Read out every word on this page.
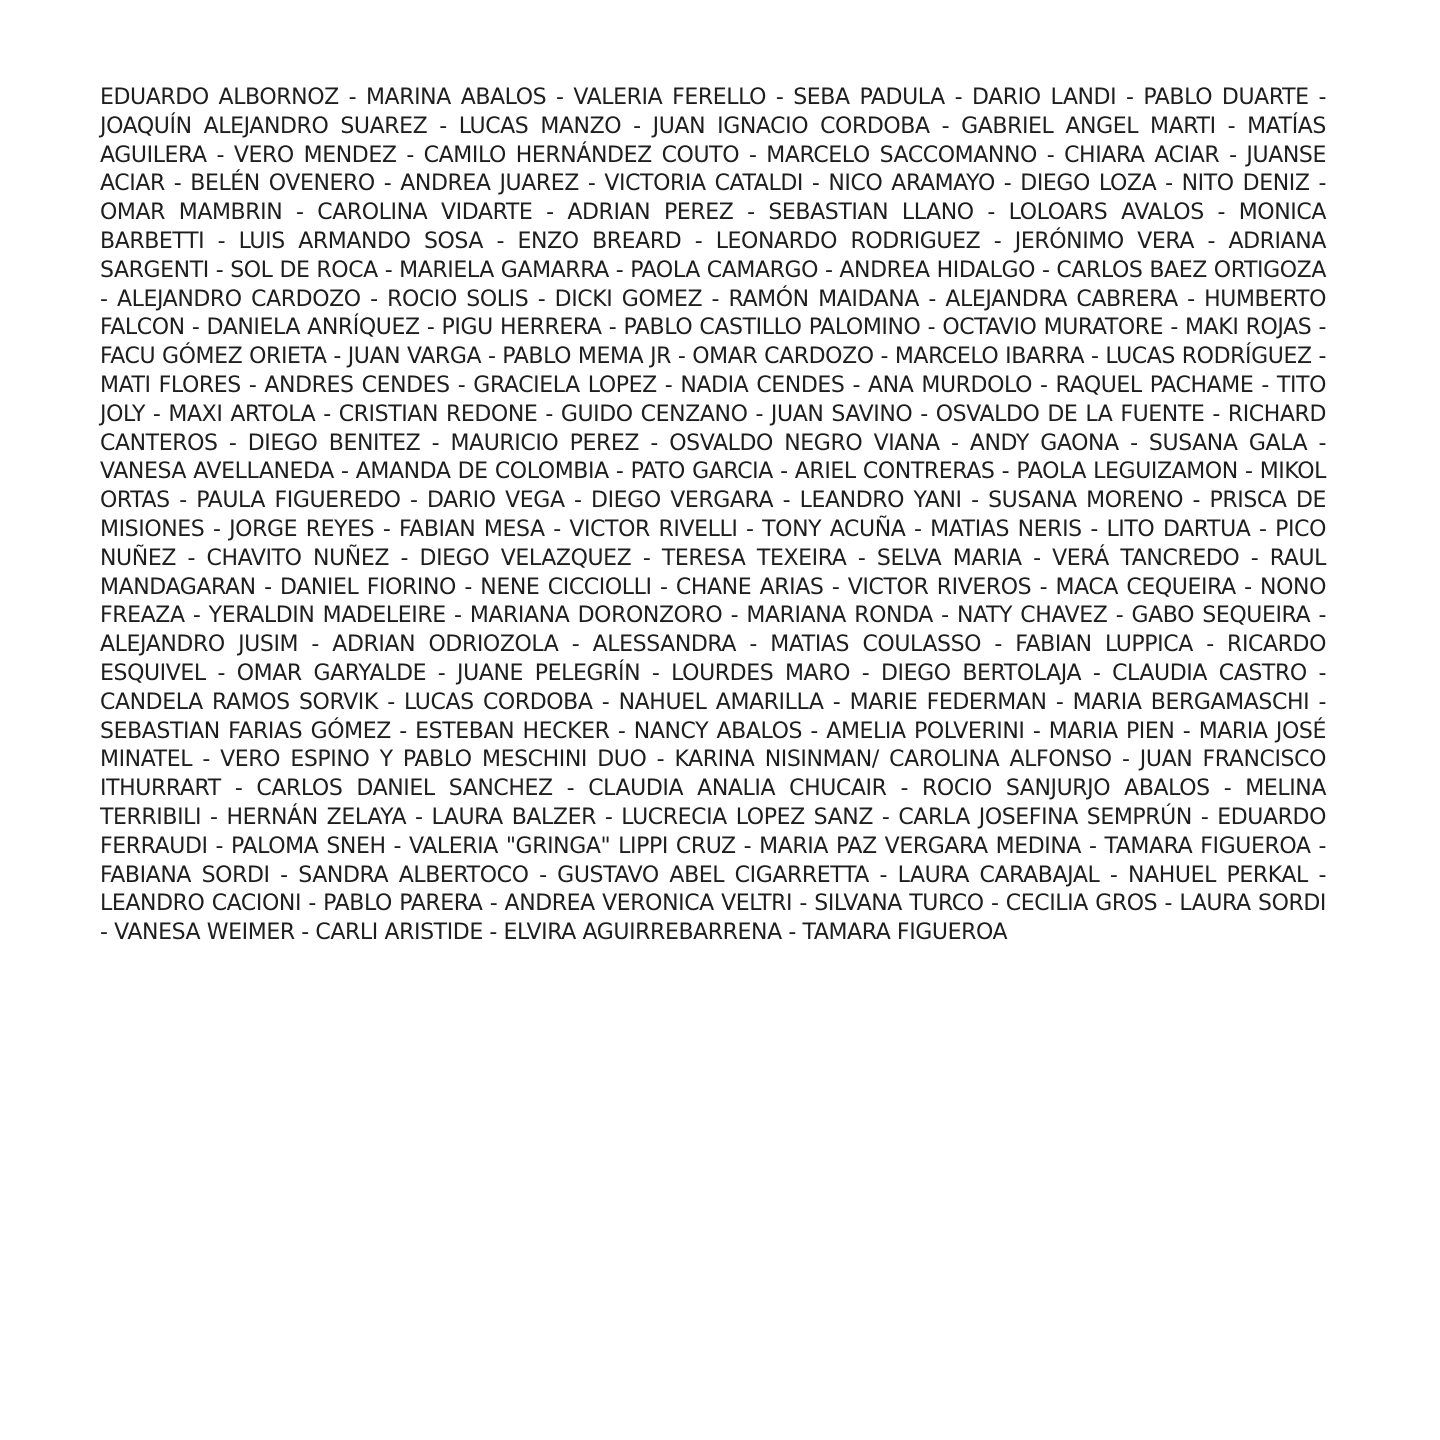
EDUARDO ALBORNOZ - MARINA ABALOS - VALERIA FERELLO - SEBA PADULA - DARIO LANDI - PABLO DUARTE - JOAQUÍN ALEJANDRO SUAREZ - LUCAS MANZO - JUAN IGNACIO CORDOBA - GABRIEL ANGEL MARTI - MATÍAS AGUILERA - VERO MENDEZ - CAMILO HERNÁNDEZ COUTO - MARCELO SACCOMANNO - CHIARA ACIAR - JUANSE ACIAR - BELÉN OVENERO - ANDREA JUAREZ - VICTORIA CATALDI - NICO ARAMAYO - DIEGO LOZA - NITO DENIZ - OMAR MAMBRIN - CAROLINA VIDARTE - ADRIAN PEREZ - SEBASTIAN LLANO - LOLOARS AVALOS - MONICA BARBETTI - LUIS ARMANDO SOSA - ENZO BREARD - LEONARDO RODRIGUEZ - JERÓNIMO VERA - ADRIANA SARGENTI - SOL DE ROCA - MARIELA GAMARRA - PAOLA CAMARGO - ANDREA HIDALGO - CARLOS BAEZ ORTIGOZA - ALEJANDRO CARDOZO - ROCIO SOLIS - DICKI GOMEZ - RAMÓN MAIDANA - ALEJANDRA CABRERA - HUMBERTO FALCON - DANIELA ANRÍQUEZ - PIGU HERRERA - PABLO CASTILLO PALOMINO - OCTAVIO MURATORE - MAKI ROJAS - FACU GÓMEZ ORIETA - JUAN VARGA - PABLO MEMA JR - OMAR CARDOZO - MARCELO IBARRA - LUCAS RODRÍGUEZ - MATI FLORES - ANDRES CENDES - GRACIELA LOPEZ - NADIA CENDES - ANA MURDOLO - RAQUEL PACHAME - TITO JOLY - MAXI ARTOLA - CRISTIAN REDONE - GUIDO CENZANO - JUAN SAVINO - OSVALDO DE LA FUENTE - RICHARD CANTEROS - DIEGO BENITEZ - MAURICIO PEREZ - OSVALDO NEGRO VIANA - ANDY GAONA - SUSANA GALA - VANESA AVELLANEDA - AMANDA DE COLOMBIA - PATO GARCIA - ARIEL CONTRERAS - PAOLA LEGUIZAMON - MIKOL ORTAS - PAULA FIGUEREDO - DARIO VEGA - DIEGO VERGARA - LEANDRO YANI - SUSANA MORENO - PRISCA DE MISIONES - JORGE REYES - FABIAN MESA - VICTOR RIVELLI - TONY ACUÑA - MATIAS NERIS - LITO DARTUA - PICO NUÑEZ - CHAVITO NUÑEZ - DIEGO VELAZQUEZ - TERESA TEXEIRA - SELVA MARIA - VERÁ TANCREDO - RAUL MANDAGARAN - DANIEL FIORINO - NENE CICCIOLLI - CHANE ARIAS - VICTOR RIVEROS - MACA CEQUEIRA - NONO FREAZA - YERALDIN MADELEIRE - MARIANA DORONZORO - MARIANA RONDA - NATY CHAVEZ - GABO SEQUEIRA - ALEJANDRO JUSIM - ADRIAN ODRIOZOLA - ALESSANDRA - MATIAS COULASSO - FABIAN LUPPICA - RICARDO ESQUIVEL - OMAR GARYALDE - JUANE PELEGRÍN - LOURDES MARO - DIEGO BERTOLAJA - CLAUDIA CASTRO - CANDELA RAMOS SORVIK - LUCAS CORDOBA - NAHUEL AMARILLA - MARIE FEDERMAN - MARIA BERGAMASCHI - SEBASTIAN FARIAS GÓMEZ - ESTEBAN HECKER - NANCY ABALOS - AMELIA POLVERINI - MARIA PIEN - MARIA JOSÉ MINATEL - VERO ESPINO Y PABLO MESCHINI DUO - KARINA NISINMAN/ CAROLINA ALFONSO - JUAN FRANCISCO ITHURRART - CARLOS DANIEL SANCHEZ - CLAUDIA ANALIA CHUCAIR - ROCIO SANJURJO ABALOS - MELINA TERRIBILI - HERNÁN ZELAYA - LAURA BALZER - LUCRECIA LOPEZ SANZ - CARLA JOSEFINA SEMPRÚN - EDUARDO FERRAUDI - PALOMA SNEH - VALERIA "GRINGA" LIPPI CRUZ - MARIA PAZ VERGARA MEDINA - TAMARA FIGUEROA - FABIANA SORDI - SANDRA ALBERTOCO - GUSTAVO ABEL CIGARRETTA - LAURA CARABAJAL - NAHUEL PERKAL - LEANDRO CACIONI - PABLO PARERA - ANDREA VERONICA VELTRI - SILVANA TURCO - CECILIA GROS - LAURA SORDI - VANESA WEIMER - CARLI ARISTIDE - ELVIRA AGUIRREBARRENA - TAMARA FIGUEROA
